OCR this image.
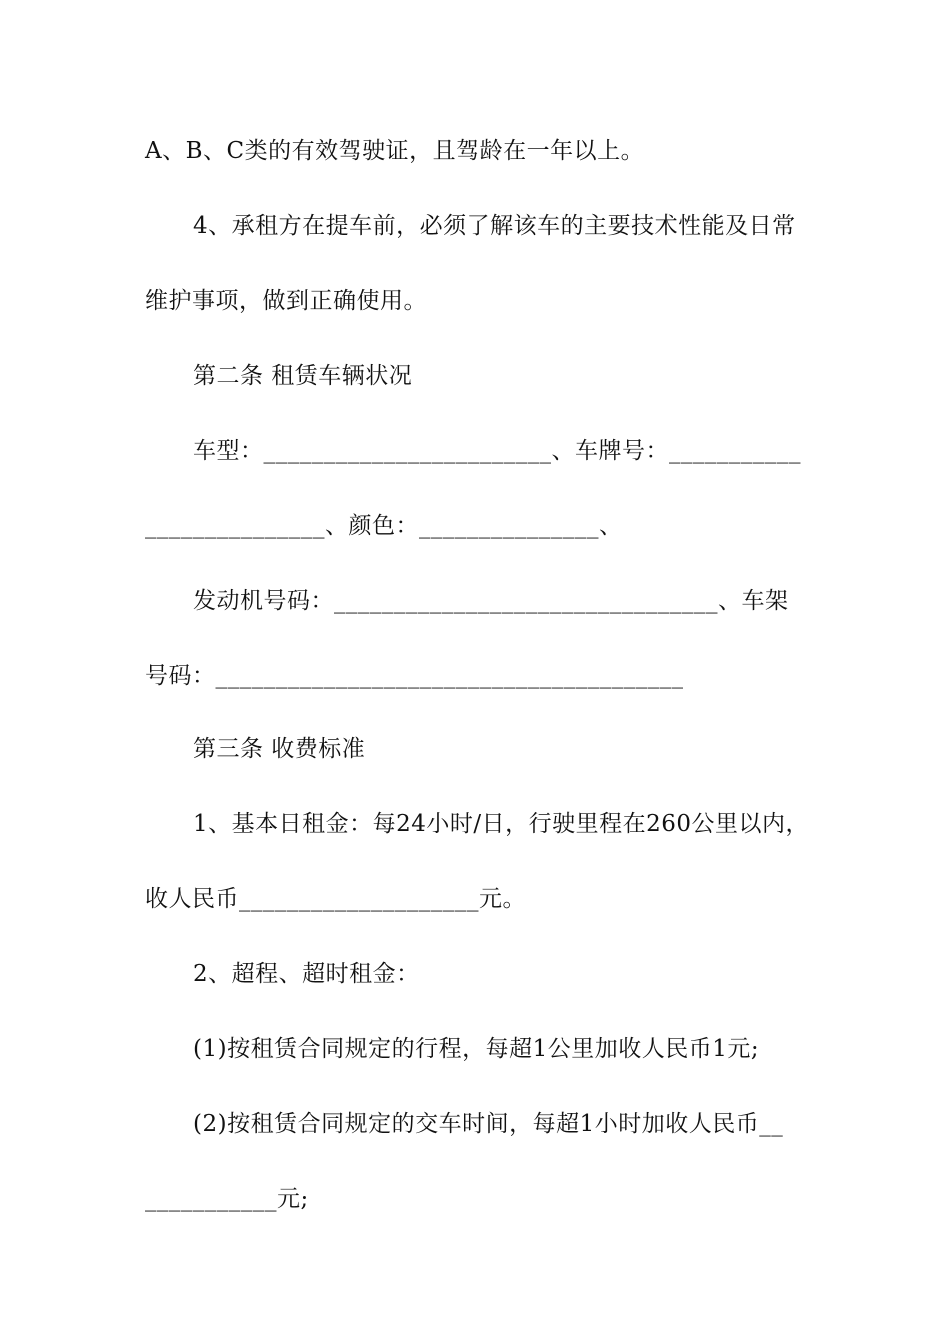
A、B、C类的有效驾驶证，且驾龄在一年以上。
4、承租方在提车前，必须了解该车的主要技术性能及日常
维护事项，做到正确使用。
第二条 租赁车辆状况
车型：________________________、车牌号：___________
_______________、颜色：_______________、
发动机号码：________________________________、车架
号码：_______________________________________
第三条 收费标准
1、基本日租金：每24小时/日，行驶里程在260公里以内，
收人民币____________________元。
2、超程、超时租金：
(1)按租赁合同规定的行程，每超1公里加收人民币1元;
(2)按租赁合同规定的交车时间，每超1小时加收人民币__
___________元;
